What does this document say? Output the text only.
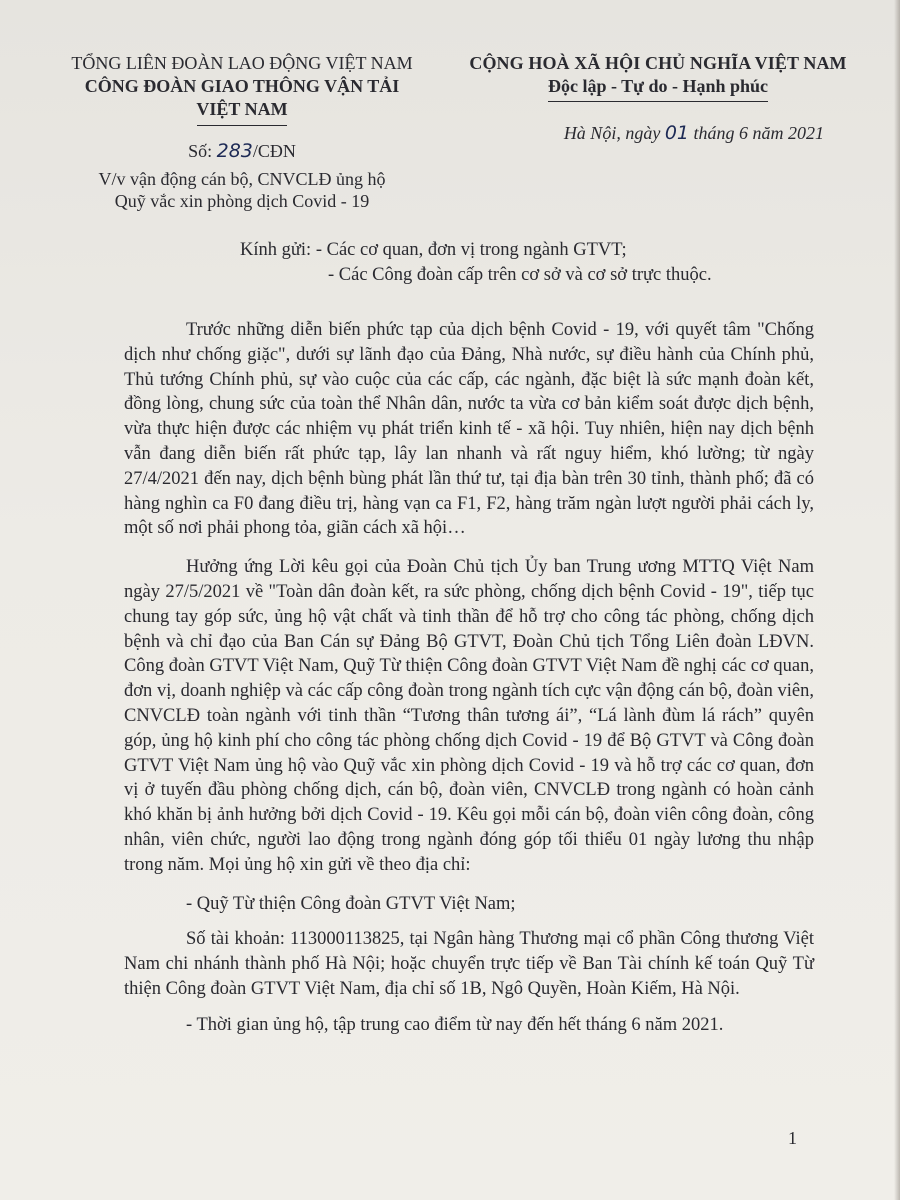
TỔNG LIÊN ĐOÀN LAO ĐỘNG VIỆT NAM
CÔNG ĐOÀN GIAO THÔNG VẬN TẢI
VIỆT NAM
Số: 283/CĐN
V/v vận động cán bộ, CNVCLĐ ủng hộ
Quỹ vắc xin phòng dịch Covid - 19
CỘNG HOÀ XÃ HỘI CHỦ NGHĨA VIỆT NAM
Độc lập - Tự do - Hạnh phúc
Hà Nội, ngày 01 tháng 6 năm 2021
Kính gửi: - Các cơ quan, đơn vị trong ngành GTVT;
- Các Công đoàn cấp trên cơ sở và cơ sở trực thuộc.

Trước những diễn biến phức tạp của dịch bệnh Covid - 19, với quyết tâm "Chống dịch như chống giặc", dưới sự lãnh đạo của Đảng, Nhà nước, sự điều hành của Chính phủ, Thủ tướng Chính phủ, sự vào cuộc của các cấp, các ngành, đặc biệt là sức mạnh đoàn kết, đồng lòng, chung sức của toàn thể Nhân dân, nước ta vừa cơ bản kiểm soát được dịch bệnh, vừa thực hiện được các nhiệm vụ phát triển kinh tế - xã hội. Tuy nhiên, hiện nay dịch bệnh vẫn đang diễn biến rất phức tạp, lây lan nhanh và rất nguy hiểm, khó lường; từ ngày 27/4/2021 đến nay, dịch bệnh bùng phát lần thứ tư, tại địa bàn trên 30 tỉnh, thành phố; đã có hàng nghìn ca F0 đang điều trị, hàng vạn ca F1, F2, hàng trăm ngàn lượt người phải cách ly, một số nơi phải phong tỏa, giãn cách xã hội…

Hưởng ứng Lời kêu gọi của Đoàn Chủ tịch Ủy ban Trung ương MTTQ Việt Nam ngày 27/5/2021 về "Toàn dân đoàn kết, ra sức phòng, chống dịch bệnh Covid - 19", tiếp tục chung tay góp sức, ủng hộ vật chất và tinh thần để hỗ trợ cho công tác phòng, chống dịch bệnh và chỉ đạo của Ban Cán sự Đảng Bộ GTVT, Đoàn Chủ tịch Tổng Liên đoàn LĐVN. Công đoàn GTVT Việt Nam, Quỹ Từ thiện Công đoàn GTVT Việt Nam đề nghị các cơ quan, đơn vị, doanh nghiệp và các cấp công đoàn trong ngành tích cực vận động cán bộ, đoàn viên, CNVCLĐ toàn ngành với tinh thần “Tương thân tương ái”, “Lá lành đùm lá rách” quyên góp, ủng hộ kinh phí cho công tác phòng chống dịch Covid - 19 để Bộ GTVT và Công đoàn GTVT Việt Nam ủng hộ vào Quỹ vắc xin phòng dịch Covid - 19 và hỗ trợ các cơ quan, đơn vị ở tuyến đầu phòng chống dịch, cán bộ, đoàn viên, CNVCLĐ trong ngành có hoàn cảnh khó khăn bị ảnh hưởng bởi dịch Covid - 19. Kêu gọi mỗi cán bộ, đoàn viên công đoàn, công nhân, viên chức, người lao động trong ngành đóng góp tối thiểu 01 ngày lương thu nhập trong năm. Mọi ủng hộ xin gửi về theo địa chỉ:

- Quỹ Từ thiện Công đoàn GTVT Việt Nam;

Số tài khoản: 113000113825, tại Ngân hàng Thương mại cổ phần Công thương Việt Nam chi nhánh thành phố Hà Nội; hoặc chuyển trực tiếp về Ban Tài chính kế toán Quỹ Từ thiện Công đoàn GTVT Việt Nam, địa chỉ số 1B, Ngô Quyền, Hoàn Kiếm, Hà Nội.

- Thời gian ủng hộ, tập trung cao điểm từ nay đến hết tháng 6 năm 2021.

1
